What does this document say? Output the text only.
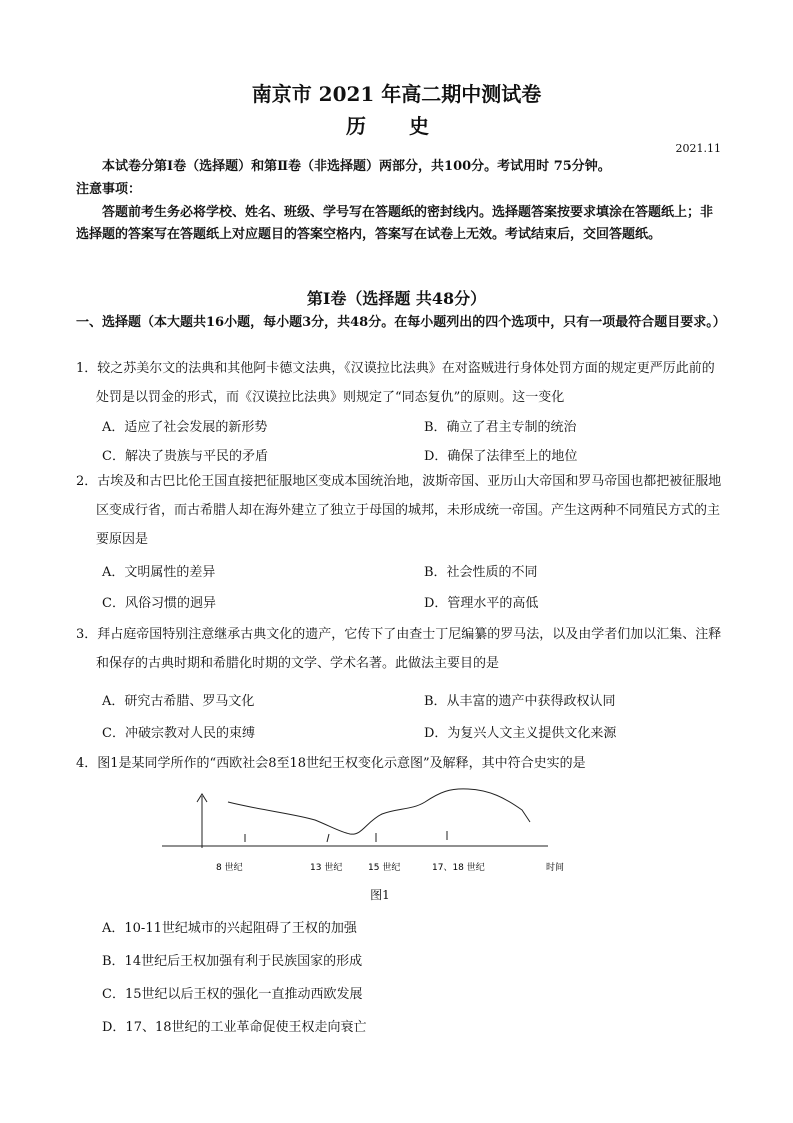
南京市 2021 年高二期中测试卷
历 史
2021.11
本试卷分第Ⅰ卷（选择题）和第Ⅱ卷（非选择题）两部分，共100分。考试用时 75分钟。
注意事项：
答题前考生务必将学校、姓名、班级、学号写在答题纸的密封线内。选择题答案按要求填涂在答题纸上；非选择题的答案写在答题纸上对应题目的答案空格内，答案写在试卷上无效。考试结束后，交回答题纸。
第Ⅰ卷（选择题 共48分）
一、选择题（本大题共16小题，每小题3分，共48分。在每小题列出的四个选项中，只有一项最符合题目要求。）
1．较之苏美尔文的法典和其他阿卡德文法典，《汉谟拉比法典》在对盗贼进行身体处罚方面的规定更严厉此前的处罚是以罚金的形式，而《汉谟拉比法典》则规定了“同态复仇”的原则。这一变化
A．适应了社会发展的新形势	B．确立了君主专制的统治
C．解决了贵族与平民的矛盾	D．确保了法律至上的地位
2．古埃及和古巴比伦王国直接把征服地区变成本国统治地，波斯帝国、亚历山大帝国和罗马帝国也都把被征服地区变成行省，而古希腊人却在海外建立了独立于母国的城邦，未形成统一帝国。产生这两种不同殖民方式的主要原因是
A．文明属性的差异	B．社会性质的不同
C．风俗习惯的迥异	D．管理水平的高低
3．拜占庭帝国特别注意继承古典文化的遗产，它传下了由查士丁尼编纂的罗马法，以及由学者们加以汇集、注释和保存的古典时期和希腊化时期的文学、学术名著。此做法主要目的是
A．研究古希腊、罗马文化	B．从丰富的遗产中获得政权认同
C．冲破宗教对人民的束缚	D．为复兴人文主义提供文化来源
4．图1是某同学所作的“西欧社会8至18世纪王权变化示意图”及解释，其中符合史实的是
8 世纪	13 世纪	15 世纪	17、18 世纪	时间
图1
A．10-11世纪城市的兴起阻碍了王权的加强
B．14世纪后王权加强有利于民族国家的形成
C．15世纪以后王权的强化一直推动西欧发展
D．17、18世纪的工业革命促使王权走向衰亡
